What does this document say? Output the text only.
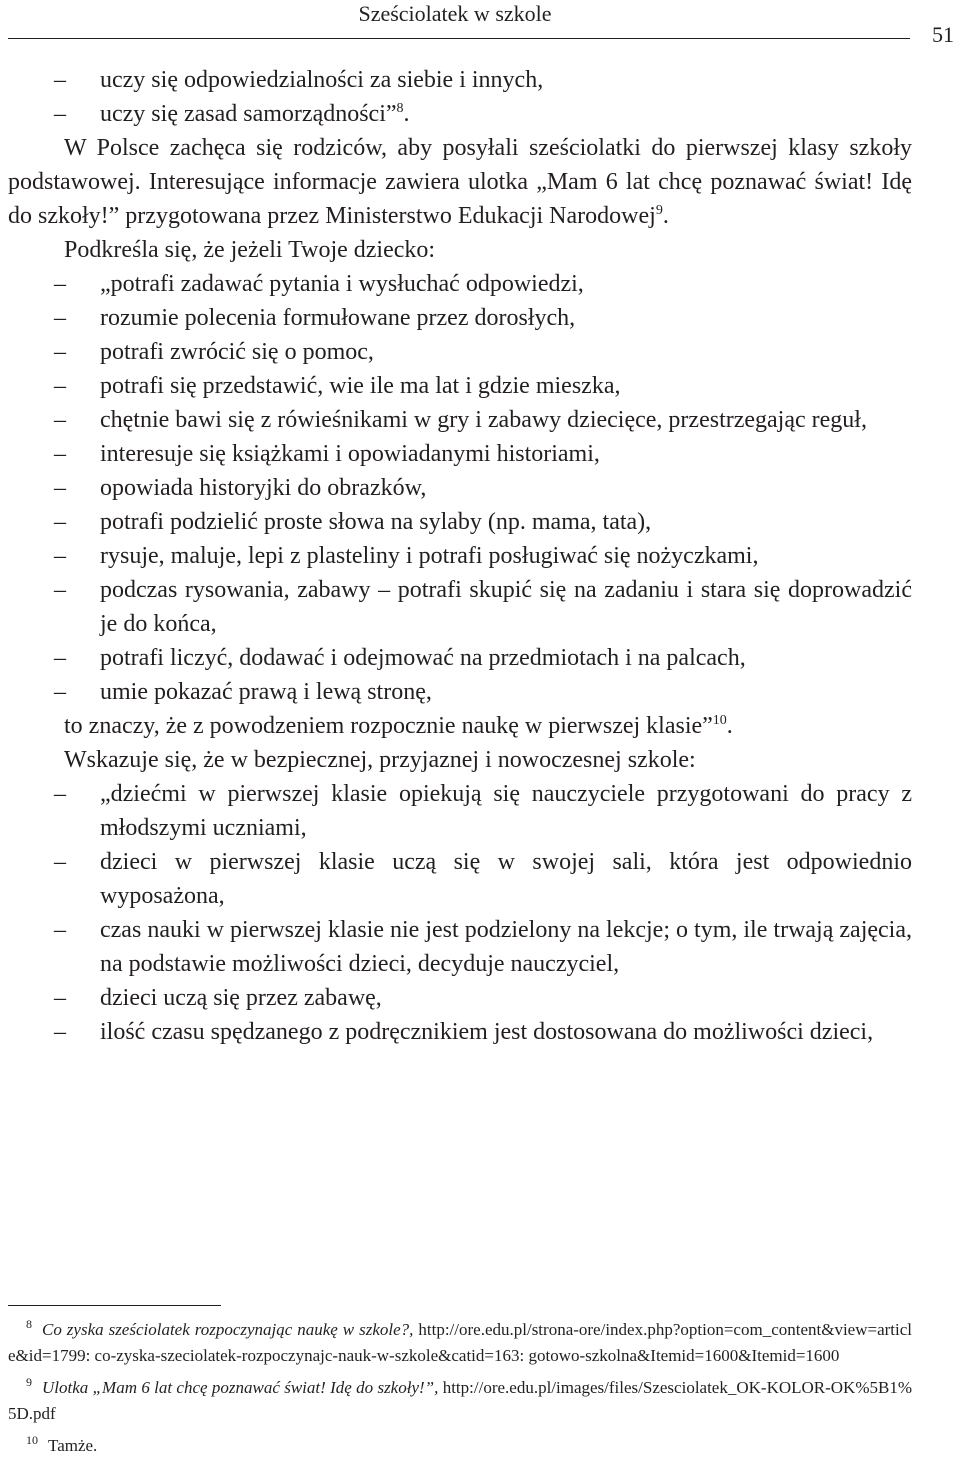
Sześciolatek w szkole
51
– uczy się odpowiedzialności za siebie i innych,
– uczy się zasad samorządności”$^8$.

W Polsce zachęca się rodziców, aby posyłali sześciolatki do pierwszej klasy szkoły podstawowej. Interesujące informacje zawiera ulotka „Mam 6 lat chcę poznawać świat! Idę do szkoły!” przygotowana przez Ministerstwo Edukacji Narodowej$^9$.

Podkreśla się, że jeżeli Twoje dziecko:

– „potrafi zadawać pytania i wysłuchać odpowiedzi,
– rozumie polecenia formułowane przez dorosłych,
– potrafi zwrócić się o pomoc,
– potrafi się przedstawić, wie ile ma lat i gdzie mieszka,
– chętnie bawi się z rówieśnikami w gry i zabawy dziecięce, przestrzegając reguł,
– interesuje się książkami i opowiadanymi historiami,
– opowiada historyjki do obrazków,
– potrafi podzielić proste słowa na sylaby (np. mama, tata),
– rysuje, maluje, lepi z plasteliny i potrafi posługiwać się nożyczkami,
– podczas rysowania, zabawy – potrafi skupić się na zadaniu i stara się doprowadzić je do końca,
– potrafi liczyć, dodawać i odejmować na przedmiotach i na palcach,
– umie pokazać prawą i lewą stronę,

to znaczy, że z powodzeniem rozpocznie naukę w pierwszej klasie”$^{10}$.

Wskazuje się, że w bezpiecznej, przyjaznej i nowoczesnej szkole:

– „dziećmi w pierwszej klasie opiekują się nauczyciele przygotowani do pracy z młodszymi uczniami,
– dzieci w pierwszej klasie uczą się w swojej sali, która jest odpowiednio wyposażona,
– czas nauki w pierwszej klasie nie jest podzielony na lekcje; o tym, ile trwają zajęcia, na podstawie możliwości dzieci, decyduje nauczyciel,
– dzieci uczą się przez zabawę,
– ilość czasu spędzanego z podręcznikiem jest dostosowana do możliwości dzieci,

$^8$ Co zyska sześciolatek rozpoczynając naukę w szkole?, http://ore.edu.pl/strona-ore/index.php?option=com_content&view=article&id=1799: co-zyska-szeciolatek-rozpoczynajc-nauk-w-szkole&catid=163: gotowo-szkolna&Itemid=1600&Itemid=1600

$^9$ Ulotka „Mam 6 lat chcę poznawać świat! Idę do szkoły!”, http://ore.edu.pl/images/files/Szesciolatek_OK-KOLOR-OK%5B1%5D.pdf

$^{10}$ Tamże.
